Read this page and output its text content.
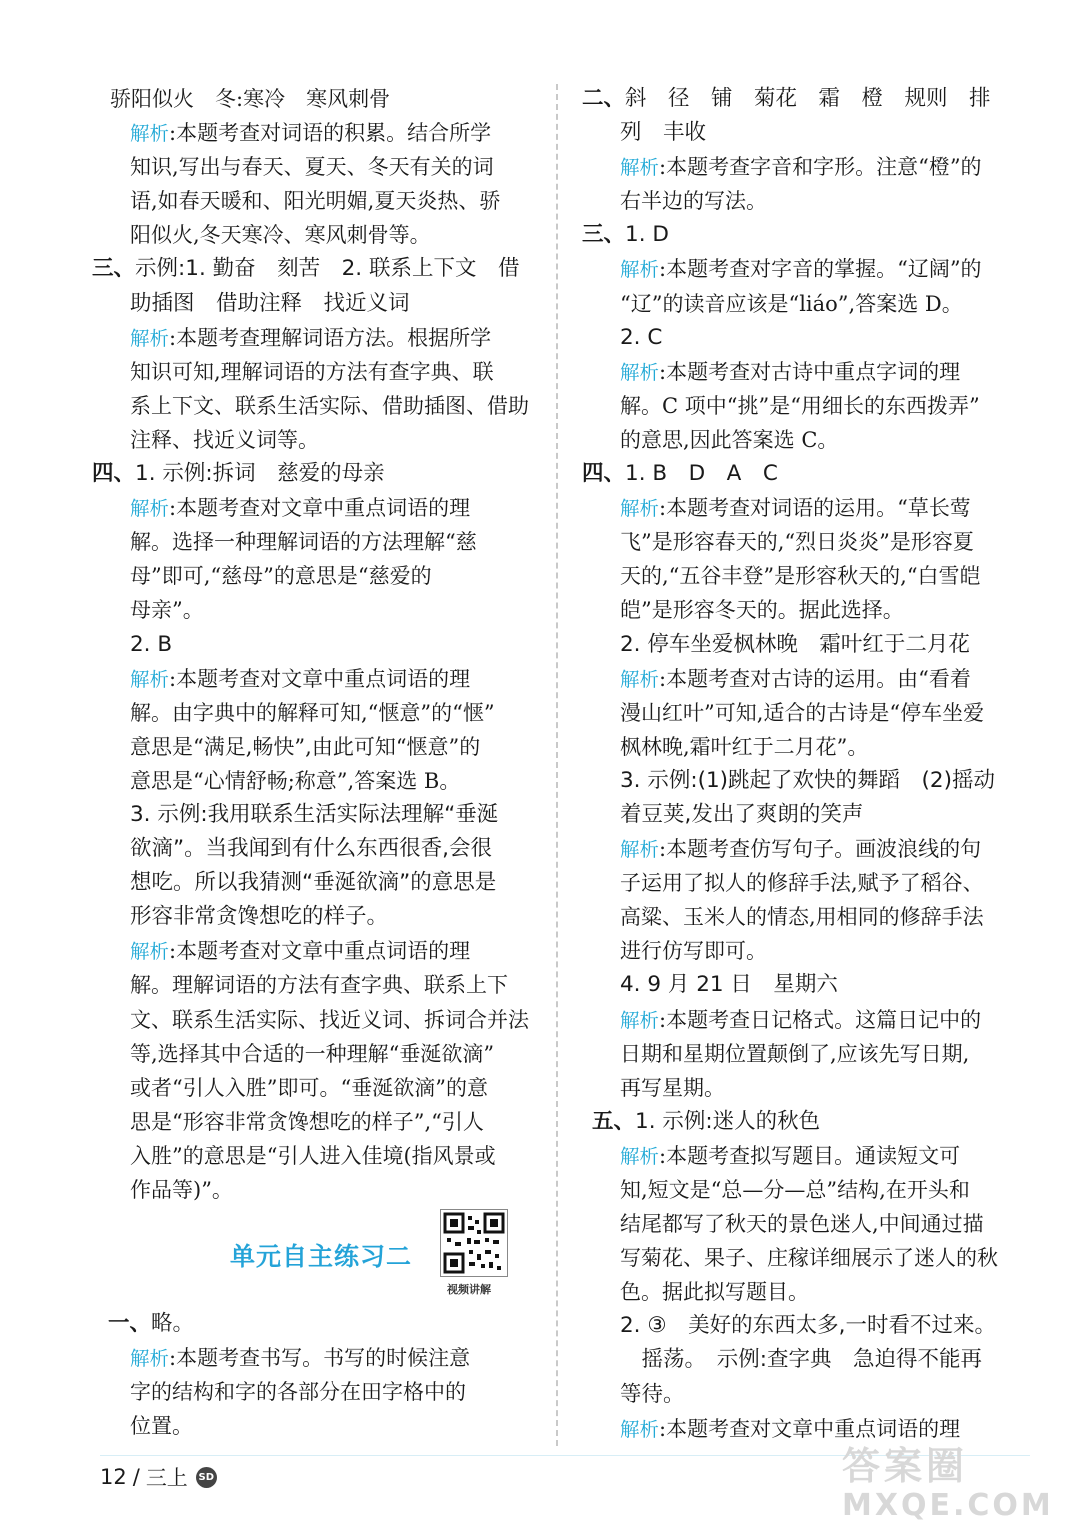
骄阳似火　冬:寒冷　寒风刺骨
解析:本题考查对词语的积累。结合所学
知识,写出与春天、夏天、冬天有关的词
语,如春天暖和、阳光明媚,夏天炎热、骄
阳似火,冬天寒冷、寒风刺骨等。
三、示例:1. 勤奋　刻苦　2. 联系上下文　借
助插图　借助注释　找近义词
解析:本题考查理解词语方法。根据所学
知识可知,理解词语的方法有查字典、联
系上下文、联系生活实际、借助插图、借助
注释、找近义词等。
四、1. 示例:拆词　慈爱的母亲
解析:本题考查对文章中重点词语的理
解。选择一种理解词语的方法理解“慈
母”即可,“慈母”的意思是“慈爱的
母亲”。
2. B
解析:本题考查对文章中重点词语的理
解。由字典中的解释可知,“惬意”的“惬”
意思是“满足,畅快”,由此可知“惬意”的
意思是“心情舒畅;称意”,答案选 B。
3. 示例:我用联系生活实际法理解“垂涎
欲滴”。当我闻到有什么东西很香,会很
想吃。所以我猜测“垂涎欲滴”的意思是
形容非常贪馋想吃的样子。
解析:本题考查对文章中重点词语的理
解。理解词语的方法有查字典、联系上下
文、联系生活实际、找近义词、拆词合并法
等,选择其中合适的一种理解“垂涎欲滴”
或者“引人入胜”即可。“垂涎欲滴”的意
思是“形容非常贪馋想吃的样子”,“引人
入胜”的意思是“引人进入佳境(指风景或
作品等)”。
单元自主练习二
视频讲解
一、略。
解析:本题考查书写。书写的时候注意
字的结构和字的各部分在田字格中的
位置。
二、斜　径　铺　菊花　霜　橙　规则　排
列　丰收
解析:本题考查字音和字形。注意“橙”的
右半边的写法。
三、1. D
解析:本题考查对字音的掌握。“辽阔”的
“辽”的读音应该是“liáo”,答案选 D。
2. C
解析:本题考查对古诗中重点字词的理
解。C 项中“挑”是“用细长的东西拨弄”
的意思,因此答案选 C。
四、1. B　D　A　C
解析:本题考查对词语的运用。“草长莺
飞”是形容春天的,“烈日炎炎”是形容夏
天的,“五谷丰登”是形容秋天的,“白雪皑
皑”是形容冬天的。据此选择。
2. 停车坐爱枫林晚　霜叶红于二月花
解析:本题考查对古诗的运用。由“看着
漫山红叶”可知,适合的古诗是“停车坐爱
枫林晚,霜叶红于二月花”。
3. 示例:(1)跳起了欢快的舞蹈　(2)摇动
着豆荚,发出了爽朗的笑声
解析:本题考查仿写句子。画波浪线的句
子运用了拟人的修辞手法,赋予了稻谷、
高粱、玉米人的情态,用相同的修辞手法
进行仿写即可。
4. 9 月 21 日　星期六
解析:本题考查日记格式。这篇日记中的
日期和星期位置颠倒了,应该先写日期,
再写星期。
五、1. 示例:迷人的秋色
解析:本题考查拟写题目。通读短文可
知,短文是“总—分—总”结构,在开头和
结尾都写了秋天的景色迷人,中间通过描
写菊花、果子、庄稼详细展示了迷人的秋
色。据此拟写题目。
2. ③　美好的东西太多,一时看不过来。
　摇荡。　示例:查字典　急迫得不能再
等待。
解析:本题考查对文章中重点词语的理
12 / 三上 SD	答案圈
MXQE.COM
